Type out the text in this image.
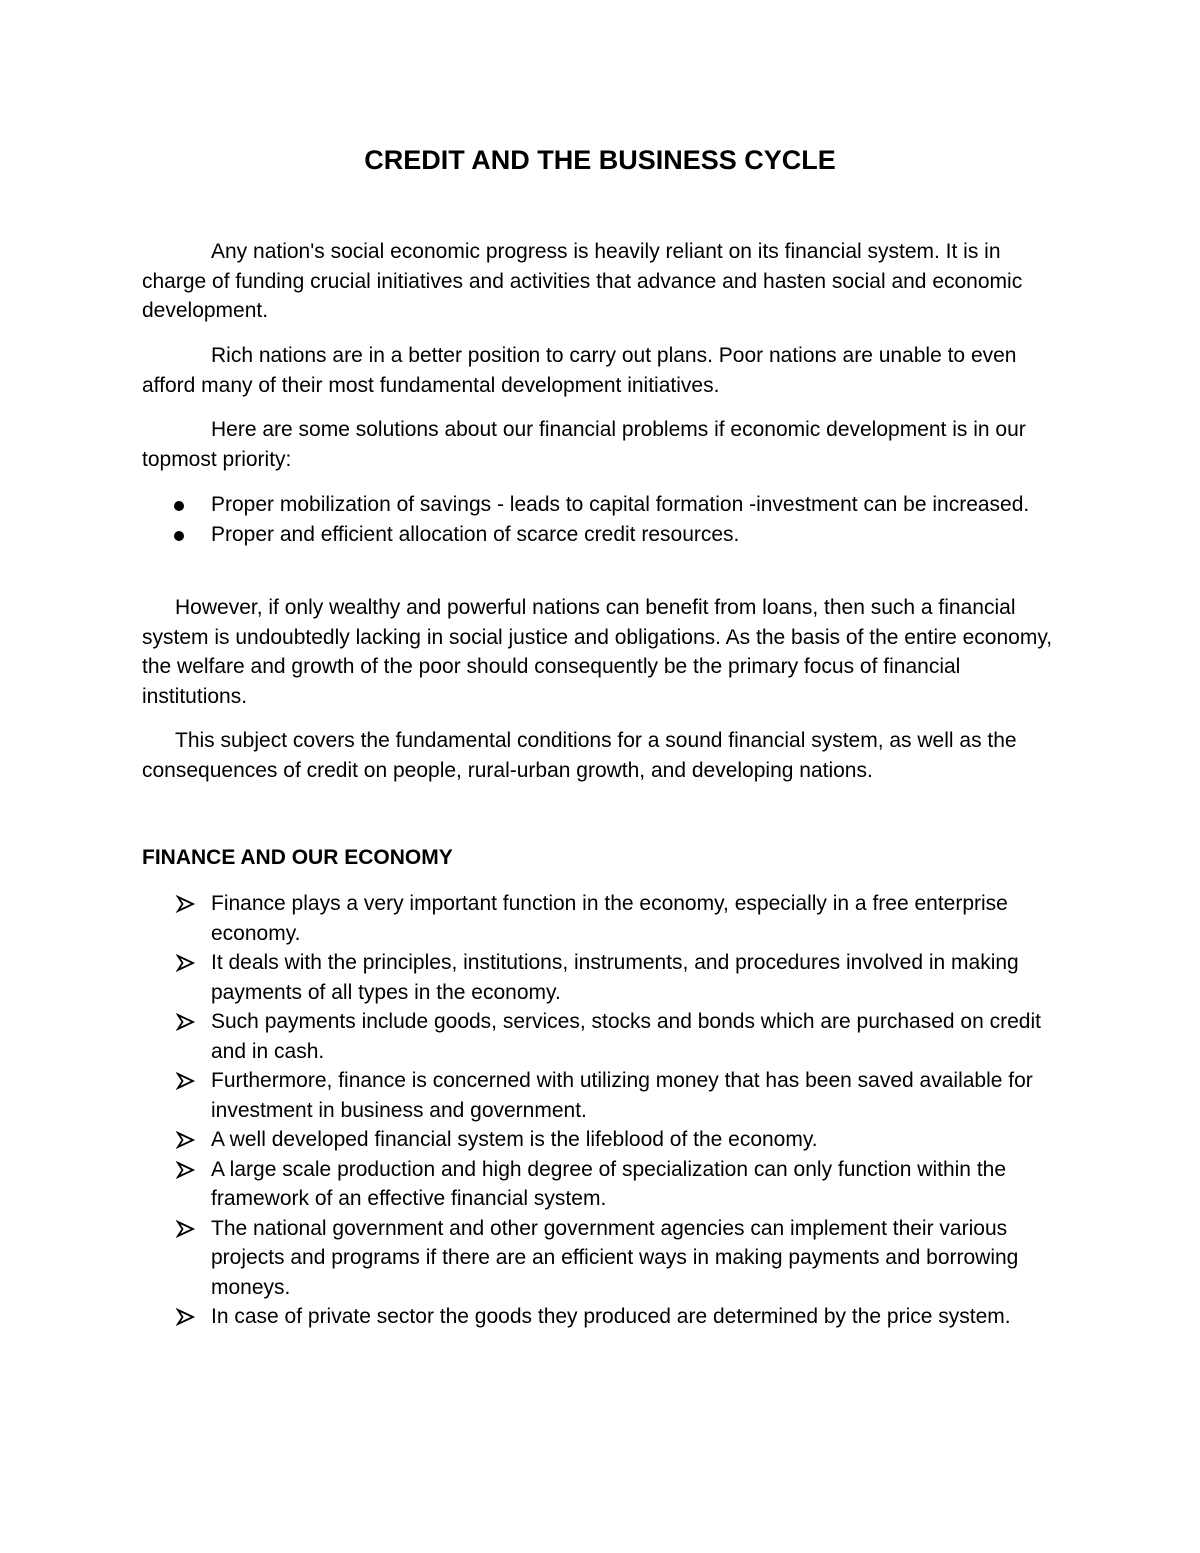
CREDIT AND THE BUSINESS CYCLE

Any nation's social economic progress is heavily reliant on its financial system. It is in charge of funding crucial initiatives and activities that advance and hasten social and economic development.

Rich nations are in a better position to carry out plans. Poor nations are unable to even afford many of their most fundamental development initiatives.

Here are some solutions about our financial problems if economic development is in our topmost priority:

Proper mobilization of savings - leads to capital formation -investment can be increased.
Proper and efficient allocation of scarce credit resources.

However, if only wealthy and powerful nations can benefit from loans, then such a financial system is undoubtedly lacking in social justice and obligations. As the basis of the entire economy, the welfare and growth of the poor should consequently be the primary focus of financial institutions.

This subject covers the fundamental conditions for a sound financial system, as well as the consequences of credit on people, rural-urban growth, and developing nations.

FINANCE AND OUR ECONOMY
Finance plays a very important function in the economy, especially in a free enterprise economy.
It deals with the principles, institutions, instruments, and procedures involved in making payments of all types in the economy.
Such payments include goods, services, stocks and bonds which are purchased on credit and in cash.
Furthermore, finance is concerned with utilizing money that has been saved available for investment in business and government.
A well developed financial system is the lifeblood of the economy.
A large scale production and high degree of specialization can only function within the framework of an effective financial system.
The national government and other government agencies can implement their various projects and programs if there are an efficient ways in making payments and borrowing moneys.
In case of private sector the goods they produced are determined by the price system.
